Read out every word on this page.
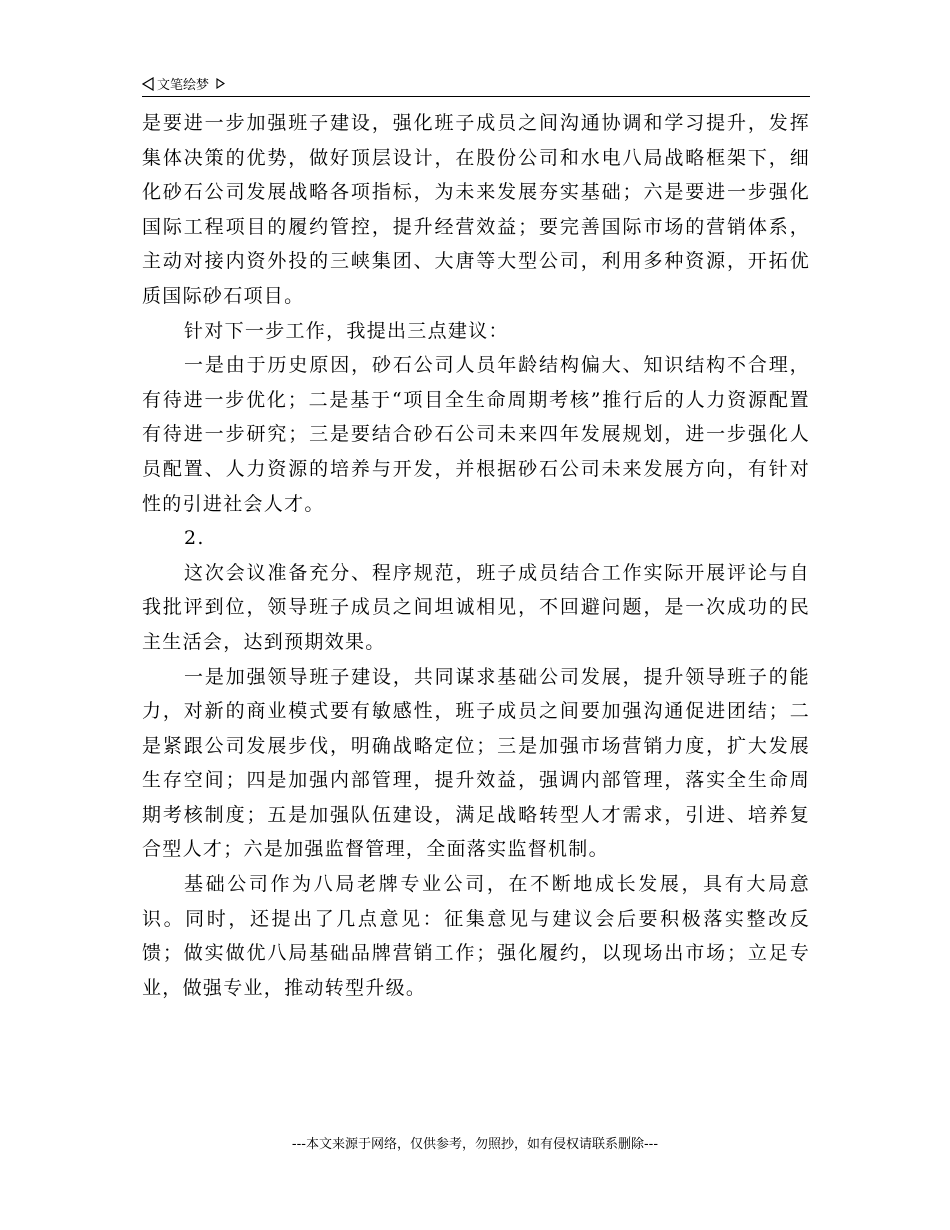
文笔绘梦

是要进一步加强班子建设，强化班子成员之间沟通协调和学习提升，发挥集体决策的优势，做好顶层设计，在股份公司和水电八局战略框架下，细化砂石公司发展战略各项指标，为未来发展夯实基础；六是要进一步强化国际工程项目的履约管控，提升经营效益；要完善国际市场的营销体系，主动对接内资外投的三峡集团、大唐等大型公司，利用多种资源，开拓优质国际砂石项目。

针对下一步工作，我提出三点建议：

一是由于历史原因，砂石公司人员年龄结构偏大、知识结构不合理，有待进一步优化；二是基于“项目全生命周期考核”推行后的人力资源配置有待进一步研究；三是要结合砂石公司未来四年发展规划，进一步强化人员配置、人力资源的培养与开发，并根据砂石公司未来发展方向，有针对性的引进社会人才。

2.

这次会议准备充分、程序规范，班子成员结合工作实际开展评论与自我批评到位，领导班子成员之间坦诚相见，不回避问题，是一次成功的民主生活会，达到预期效果。

一是加强领导班子建设，共同谋求基础公司发展，提升领导班子的能力，对新的商业模式要有敏感性，班子成员之间要加强沟通促进团结；二是紧跟公司发展步伐，明确战略定位；三是加强市场营销力度，扩大发展生存空间；四是加强内部管理，提升效益，强调内部管理，落实全生命周期考核制度；五是加强队伍建设，满足战略转型人才需求，引进、培养复合型人才；六是加强监督管理，全面落实监督机制。

基础公司作为八局老牌专业公司，在不断地成长发展，具有大局意识。同时，还提出了几点意见：征集意见与建议会后要积极落实整改反馈；做实做优八局基础品牌营销工作；强化履约，以现场出市场；立足专业，做强专业，推动转型升级。

---本文来源于网络，仅供参考，勿照抄，如有侵权请联系删除---
